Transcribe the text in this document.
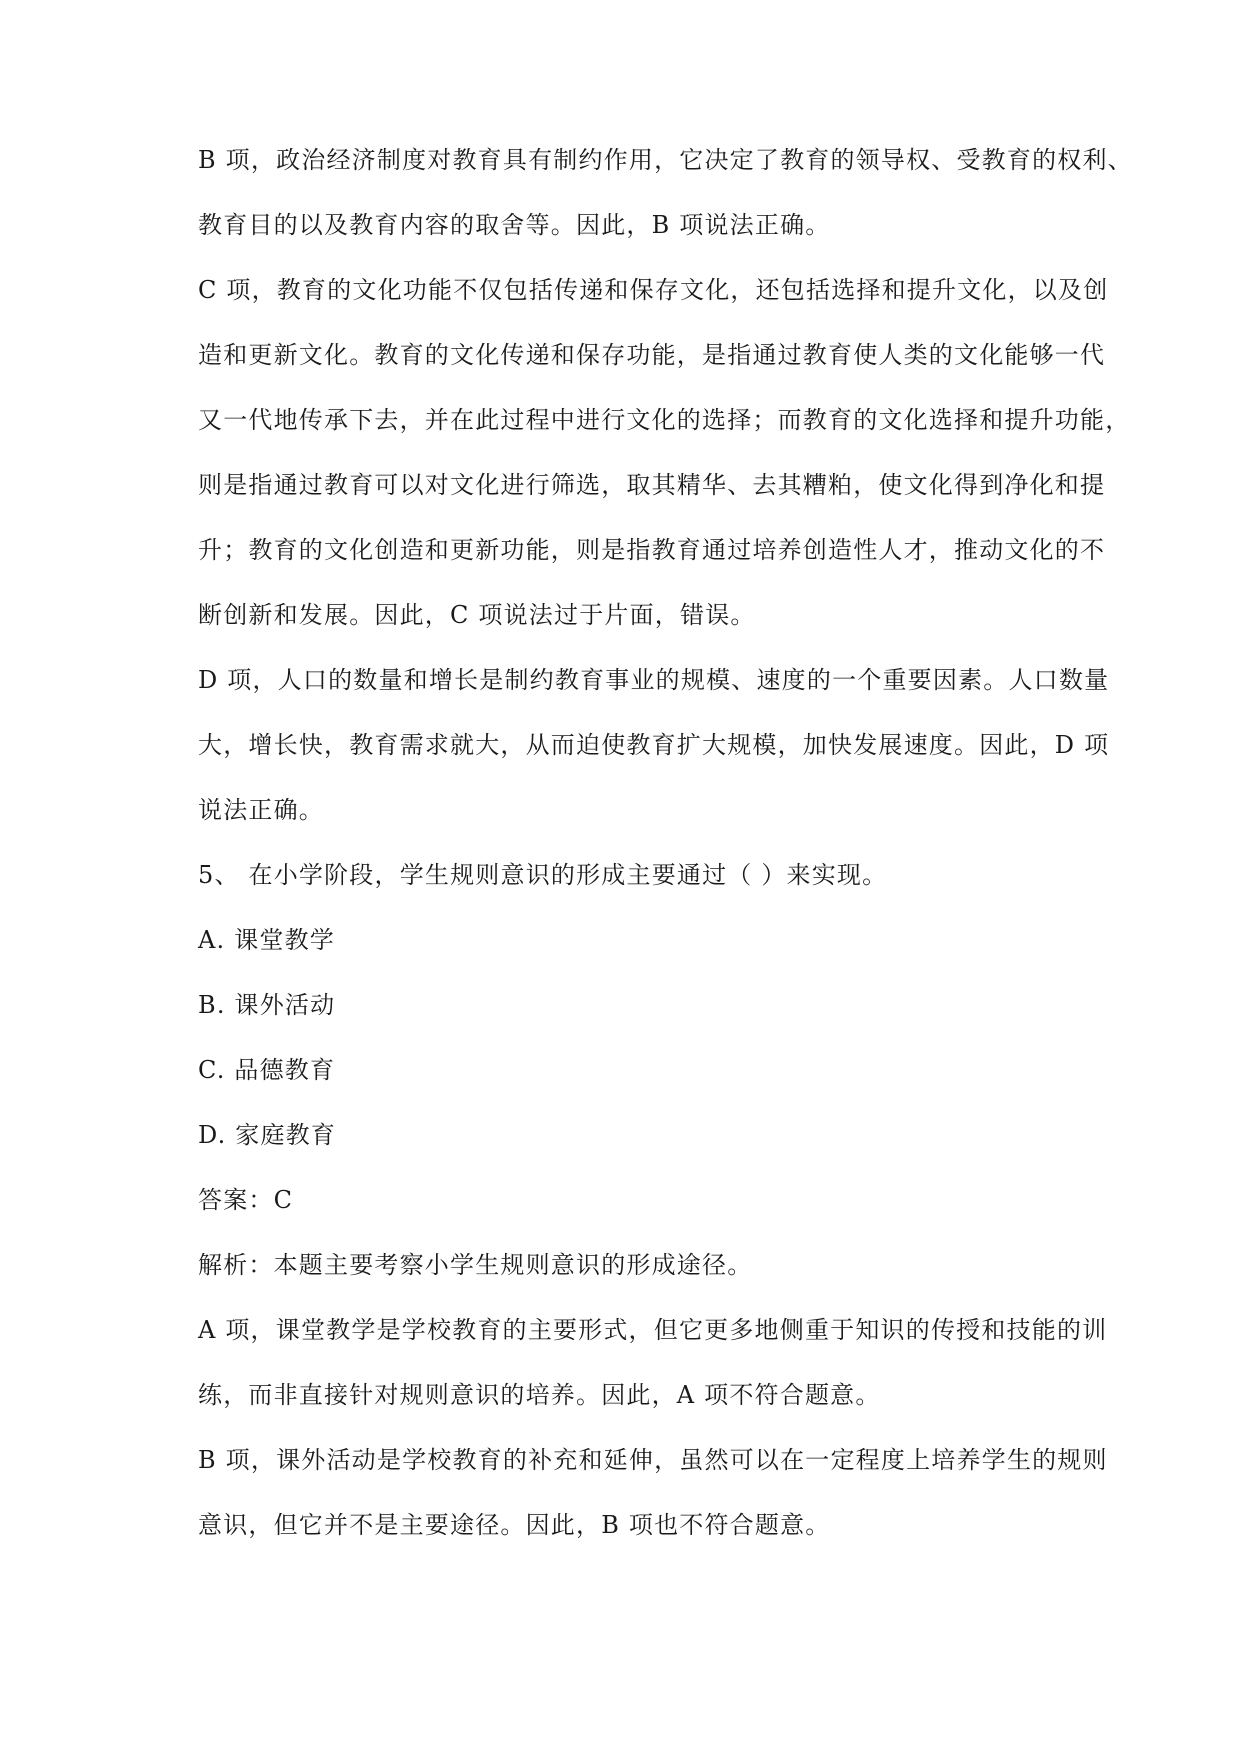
B 项，政治经济制度对教育具有制约作用，它决定了教育的领导权、受教育的权利、
教育目的以及教育内容的取舍等。因此，B 项说法正确。
C 项，教育的文化功能不仅包括传递和保存文化，还包括选择和提升文化，以及创
造和更新文化。教育的文化传递和保存功能，是指通过教育使人类的文化能够一代
又一代地传承下去，并在此过程中进行文化的选择；而教育的文化选择和提升功能，
则是指通过教育可以对文化进行筛选，取其精华、去其糟粕，使文化得到净化和提
升；教育的文化创造和更新功能，则是指教育通过培养创造性人才，推动文化的不
断创新和发展。因此，C 项说法过于片面，错误。
D 项，人口的数量和增长是制约教育事业的规模、速度的一个重要因素。人口数量
大，增长快，教育需求就大，从而迫使教育扩大规模，加快发展速度。因此，D 项
说法正确。
5、 在小学阶段，学生规则意识的形成主要通过（ ）来实现。
A. 课堂教学
B. 课外活动
C. 品德教育
D. 家庭教育
答案：C
解析：本题主要考察小学生规则意识的形成途径。
A 项，课堂教学是学校教育的主要形式，但它更多地侧重于知识的传授和技能的训
练，而非直接针对规则意识的培养。因此，A 项不符合题意。
B 项，课外活动是学校教育的补充和延伸，虽然可以在一定程度上培养学生的规则
意识，但它并不是主要途径。因此，B 项也不符合题意。
